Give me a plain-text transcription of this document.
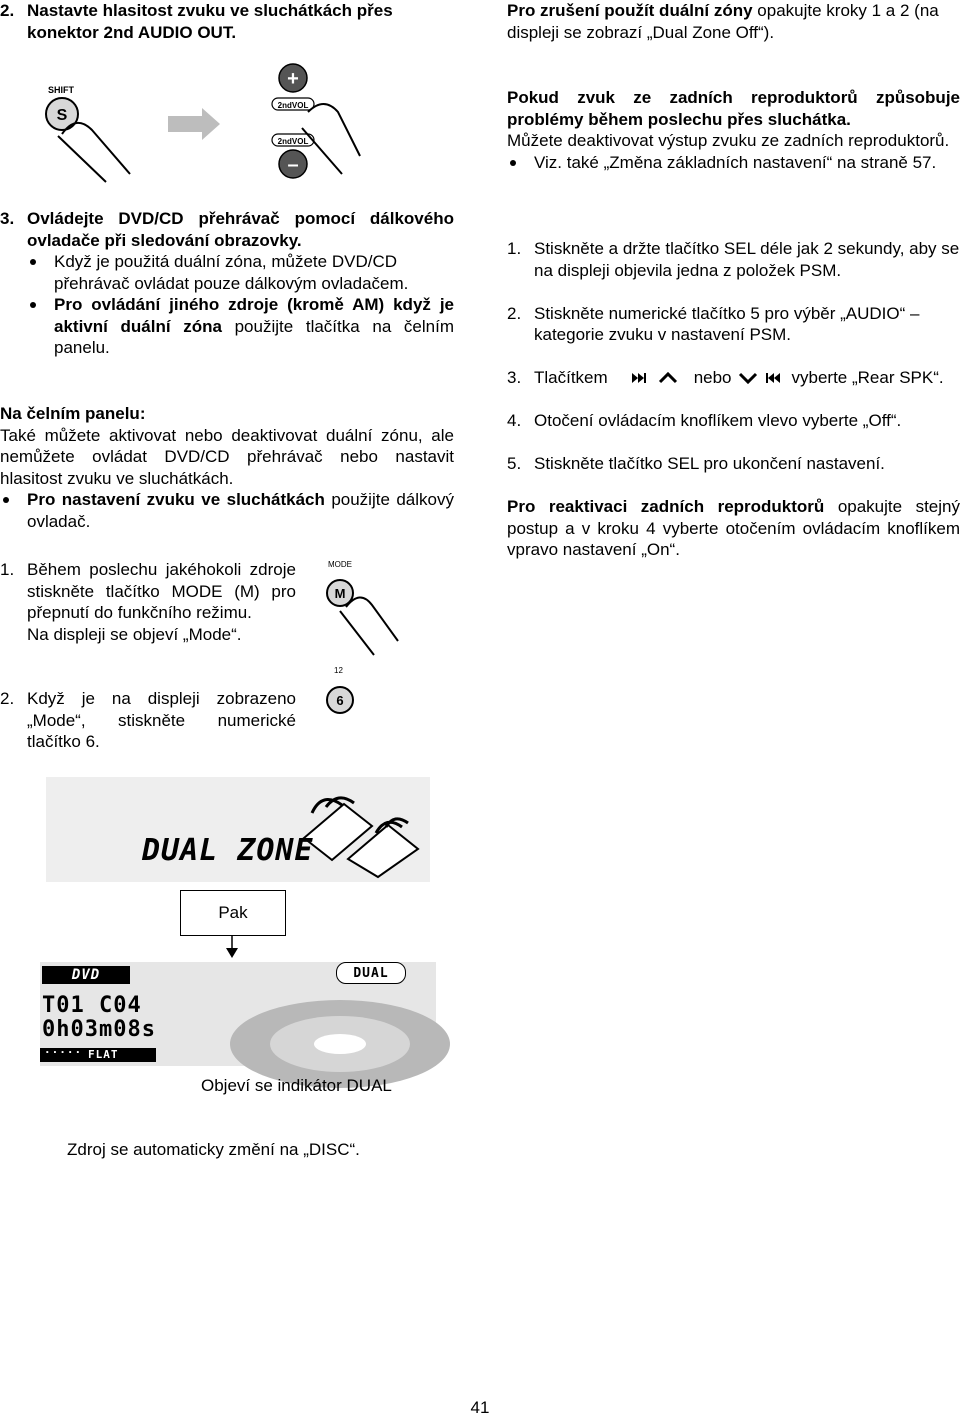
2. Nastavte hlasitost zvuku ve sluchátkách přes konektor 2nd AUDIO OUT.
SHIFT
S
+
2ndVOL
2ndVOL
–
3. Ovládejte DVD/CD přehrávač pomocí dálkového ovladače při sledování obrazovky.
Když je použitá duální zóna, můžete DVD/CD přehrávač ovládat pouze dálkovým ovladačem.
Pro ovládání jiného zdroje (kromě AM) když je aktivní duální zóna použijte tlačítka na čelním panelu.
Na čelním panelu:
Také můžete aktivovat nebo deaktivovat duální zónu, ale nemůžete ovládat DVD/CD přehrávač nebo nastavit hlasitost zvuku ve sluchátkách.
Pro nastavení zvuku ve sluchátkách použijte dálkový ovladač.
1. Během poslechu jakéhokoli zdroje stiskněte tlačítko MODE (M) pro přepnutí do funkčního režimu.
Na displeji se objeví „Mode“.
2. Když je na displeji zobrazeno „Mode“, stiskněte numerické tlačítko 6.
MODE
M
12
6
DUAL ZONE
Pak
DVD	DUAL
T01 C04
0h03m08s
····· FLAT
Objeví se indikátor DUAL
Zdroj se automaticky změní na „DISC“.
Pro zrušení použít duální zóny opakujte kroky 1 a 2 (na displeji se zobrazí „Dual Zone Off“).
Pokud zvuk ze zadních reproduktorů způsobuje problémy během poslechu přes sluchátka.
Můžete deaktivovat výstup zvuku ze zadních reproduktorů.
Viz. také „Změna základních nastavení“ na straně 57.
1. Stiskněte a držte tlačítko SEL déle jak 2 sekundy, aby se na displeji objevila jedna z položek PSM.
2. Stiskněte numerické tlačítko 5 pro výběr „AUDIO“ – kategorie zvuku v nastavení PSM.
3. Tlačítkem	nebo	vyberte „Rear SPK“.
4. Otočení ovládacím knoflíkem vlevo vyberte „Off“.
5. Stiskněte tlačítko SEL pro ukončení nastavení.
Pro reaktivaci zadních reproduktorů opakujte stejný postup a v kroku 4 vyberte otočením ovládacím knoflíkem vpravo nastavení „On“.
41
